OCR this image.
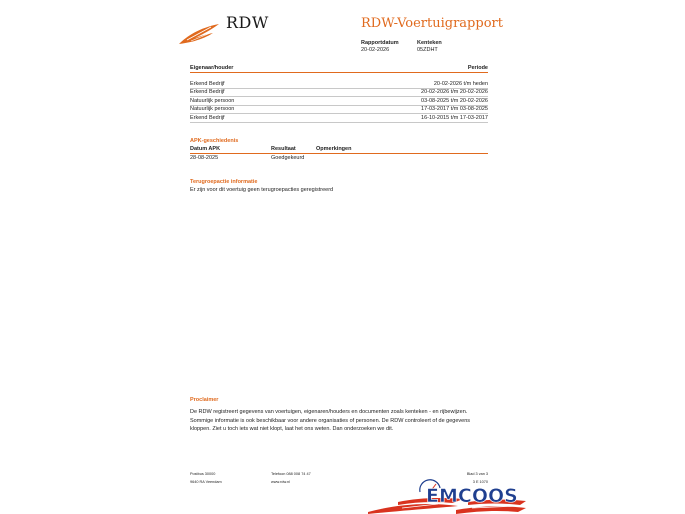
RDW	RDW-Voertuigrapport
Rapportdatum
20-02-2026
Kenteken
05ZDHT
Eigenaar/houder	Periode
Erkend Bedrijf	20-02-2026 t/m heden
Erkend Bedrijf	20-02-2026 t/m 20-02-2026
Natuurlijk persoon	03-08-2025 t/m 20-02-2026
Natuurlijk persoon	17-03-2017 t/m 03-08-2025
Erkend Bedrijf	16-10-2015 t/m 17-03-2017
APK-geschiedenis
Datum APK	Resultaat	Opmerkingen
28-08-2025	Goedgekeurd
Terugroepactie informatie
Er zijn voor dit voertuig geen terugroepacties geregistreerd
Proclaimer
De RDW registreert gegevens van voertuigen, eigenaren/houders en documenten zoals kenteken - en rijbewijzen.
Sommige informatie is ook beschikbaar voor andere organisaties of personen. De RDW controleert of de gegevens
kloppen. Ziet u toch iets wat niet klopt, laat het ons weten. Dan onderzoeken we dit.
Postbus 30000
9640 RA Veendam
Telefoon 088 008 74 47
www.rdw.nl
Blad 3 van 3
3 E 1070
EMCOOS
